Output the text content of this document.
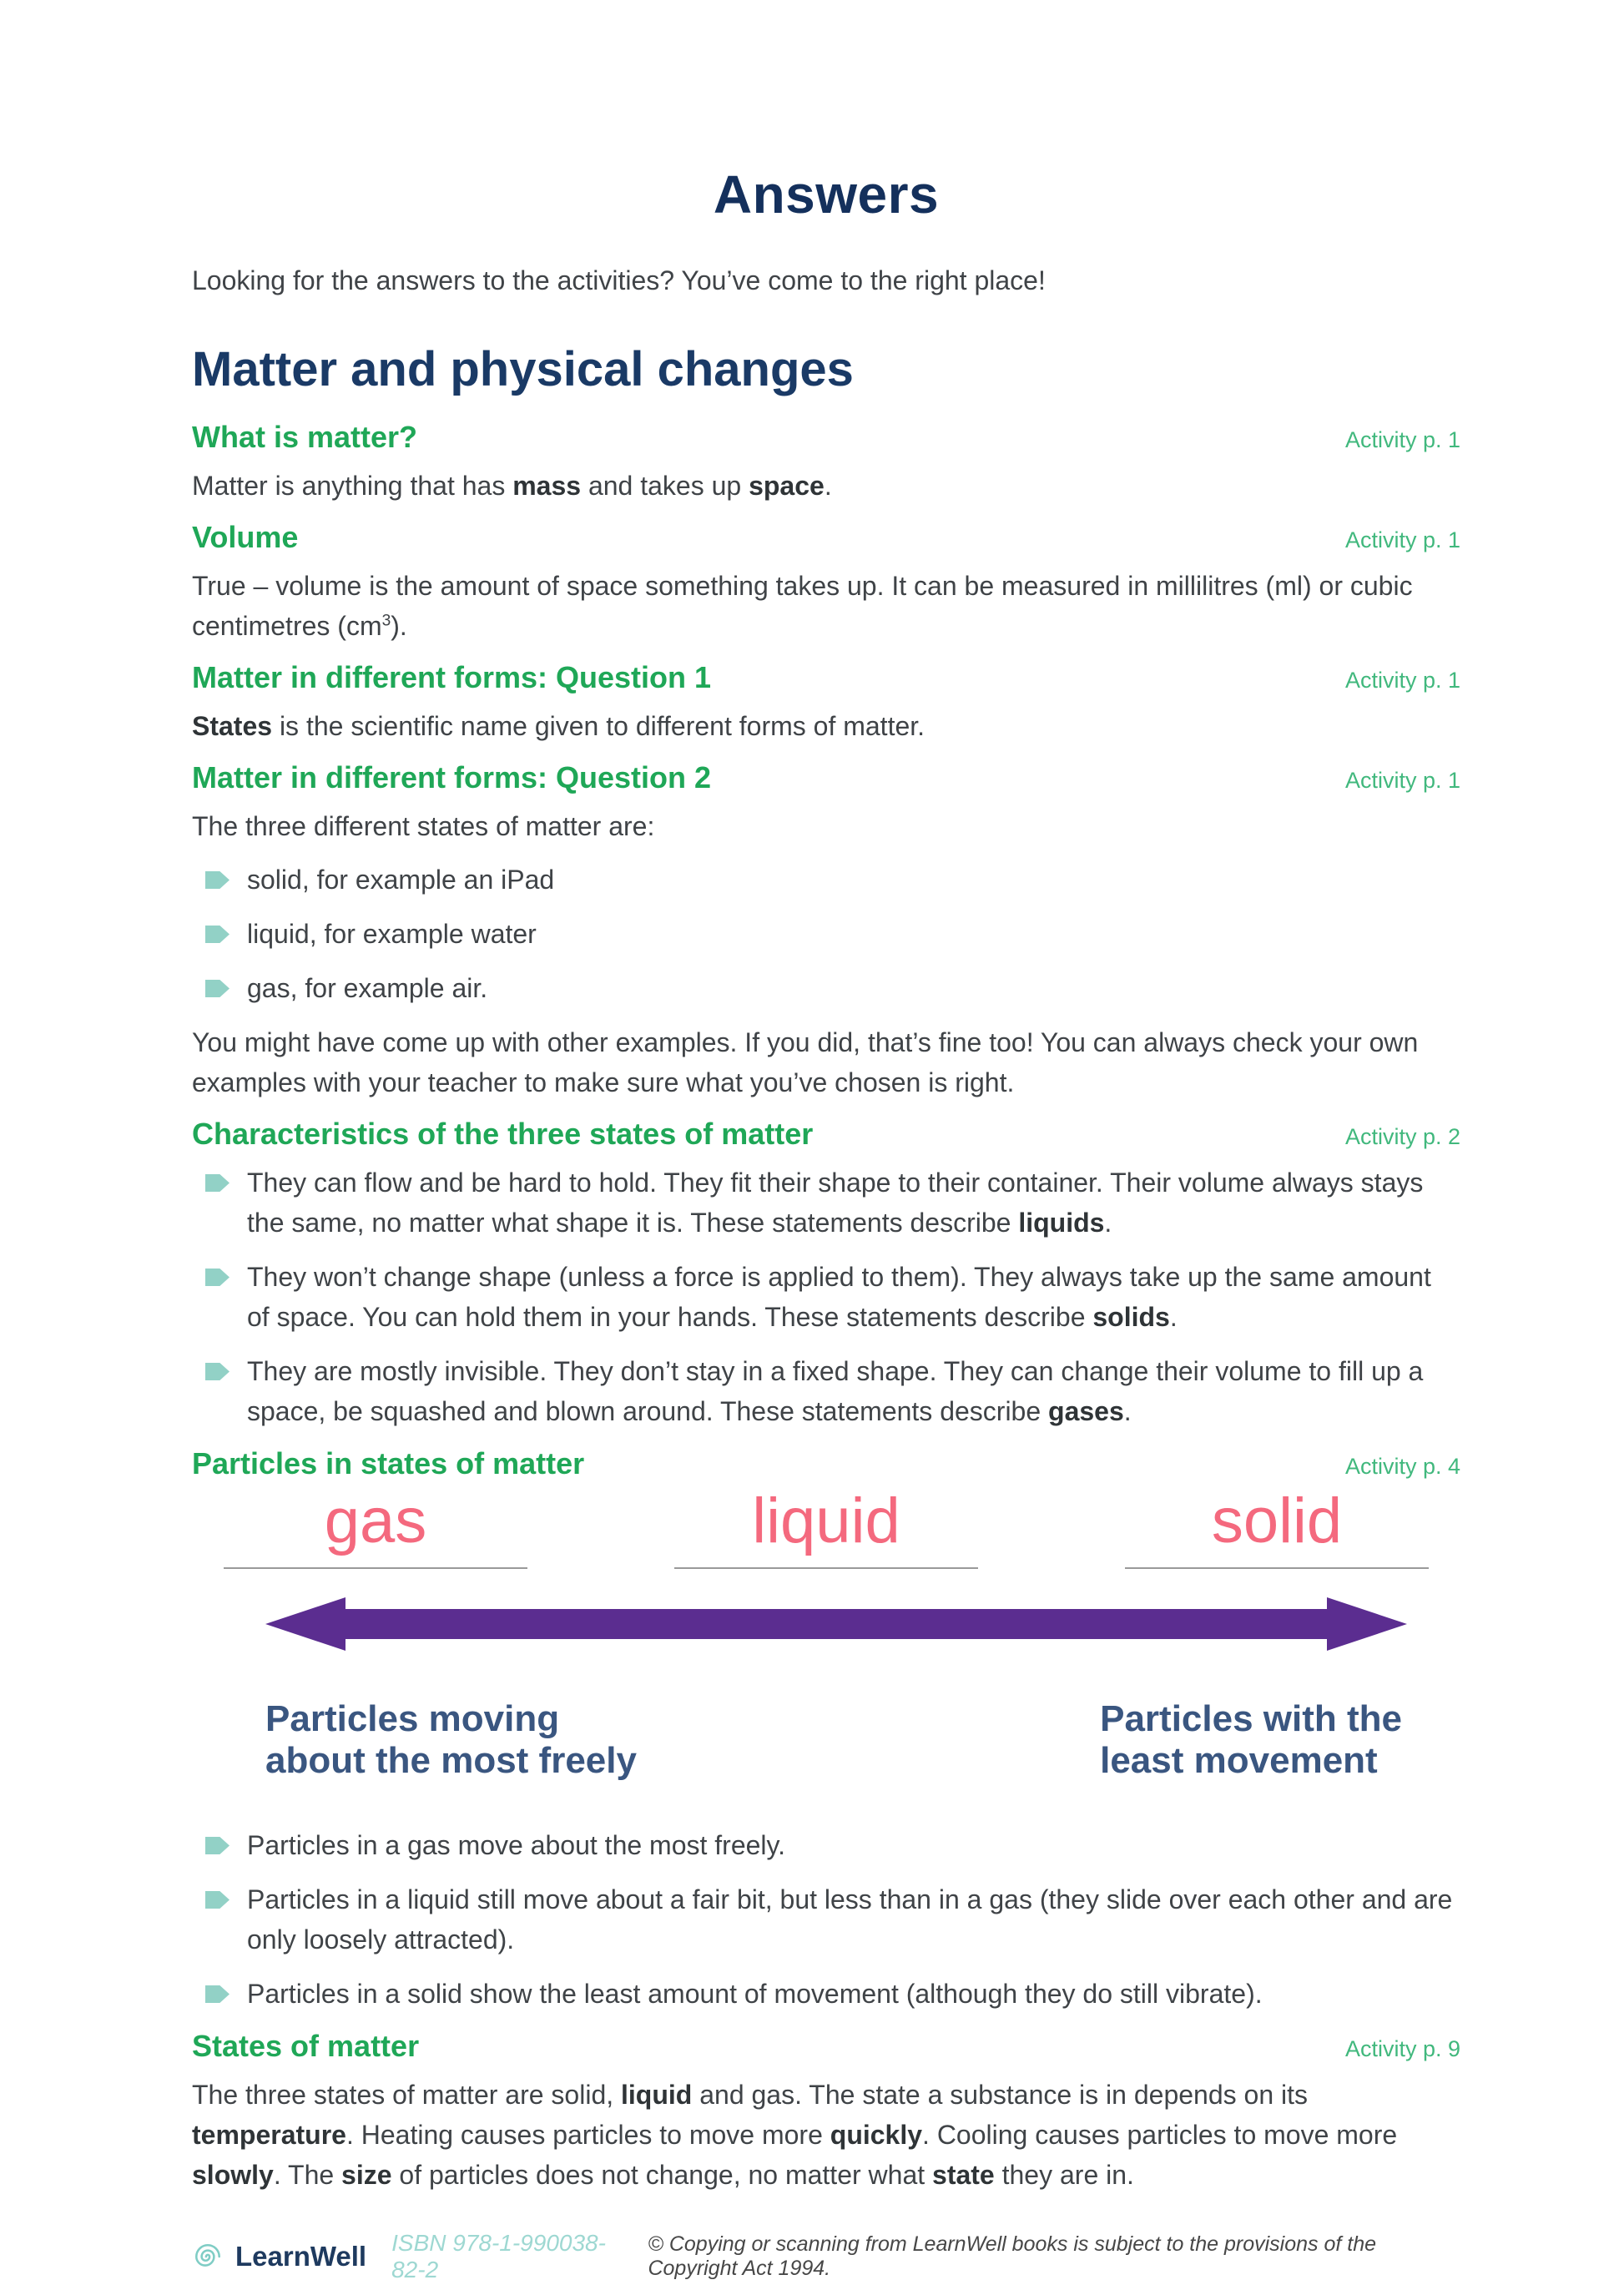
Answers

Looking for the answers to the activities? You’ve come to the right place!

Matter and physical changes
What is matter?	Activity p. 1

Matter is anything that has mass and takes up space.

Volume	Activity p. 1

True – volume is the amount of space something takes up. It can be measured in millilitres (ml) or cubic centimetres $(cm^3)$.

Matter in different forms: Question 1	Activity p. 1

States is the scientific name given to different forms of matter.

Matter in different forms: Question 2	Activity p. 1

The three different states of matter are:

solid, for example an iPad
liquid, for example water
gas, for example air.

You might have come up with other examples. If you did, that’s fine too! You can always check your own examples with your teacher to make sure what you’ve chosen is right.

Characteristics of the three states of matter	Activity p. 2
They can flow and be hard to hold. They fit their shape to their container. Their volume always stays the same, no matter what shape it is. These statements describe liquids.
They won’t change shape (unless a force is applied to them). They always take up the same amount of space. You can hold them in your hands. These statements describe solids.
They are mostly invisible. They don’t stay in a fixed shape. They can change their volume to fill up a space, be squashed and blown around. These statements describe gases.
Particles in states of matter	Activity p. 4
gas	liquid	solid
Particles moving
about the most freely
Particles with the
least movement
Particles in a gas move about the most freely.
Particles in a liquid still move about a fair bit, but less than in a gas (they slide over each other and are only loosely attracted).
Particles in a solid show the least amount of movement (although they do still vibrate).
States of matter	Activity p. 9

The three states of matter are solid, liquid and gas. The state a substance is in depends on its temperature. Heating causes particles to move more quickly. Cooling causes particles to move more slowly. The size of particles does not change, no matter what state they are in.

LearnWell ISBN 978-1-990038-82-2
© Copying or scanning from LearnWell books is subject to the provisions of the Copyright Act 1994.
